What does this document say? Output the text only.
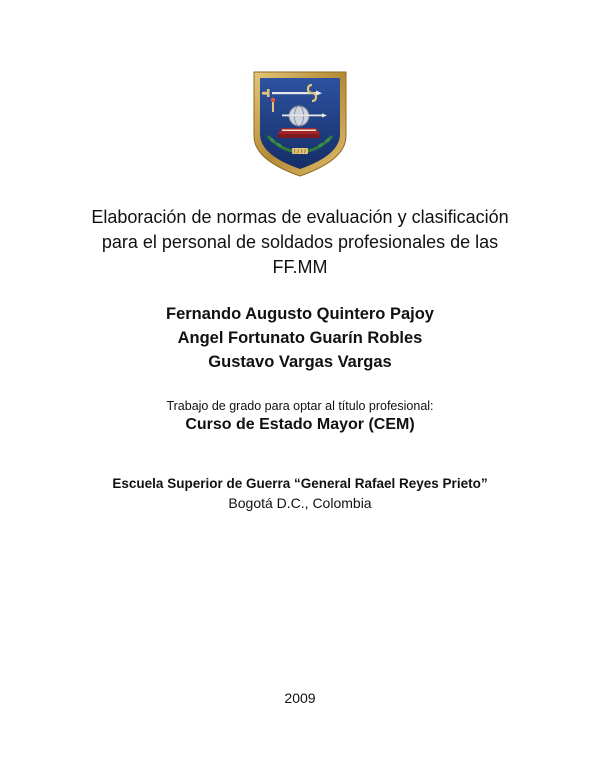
Elaboración de normas de evaluación y clasificación
para el personal de soldados profesionales de las
FF.MM
Fernando Augusto Quintero Pajoy
Angel Fortunato Guarín Robles
Gustavo Vargas Vargas
Trabajo de grado para optar al título profesional:
Curso de Estado Mayor (CEM)
Escuela Superior de Guerra “General Rafael Reyes Prieto”
Bogotá D.C., Colombia
2009
